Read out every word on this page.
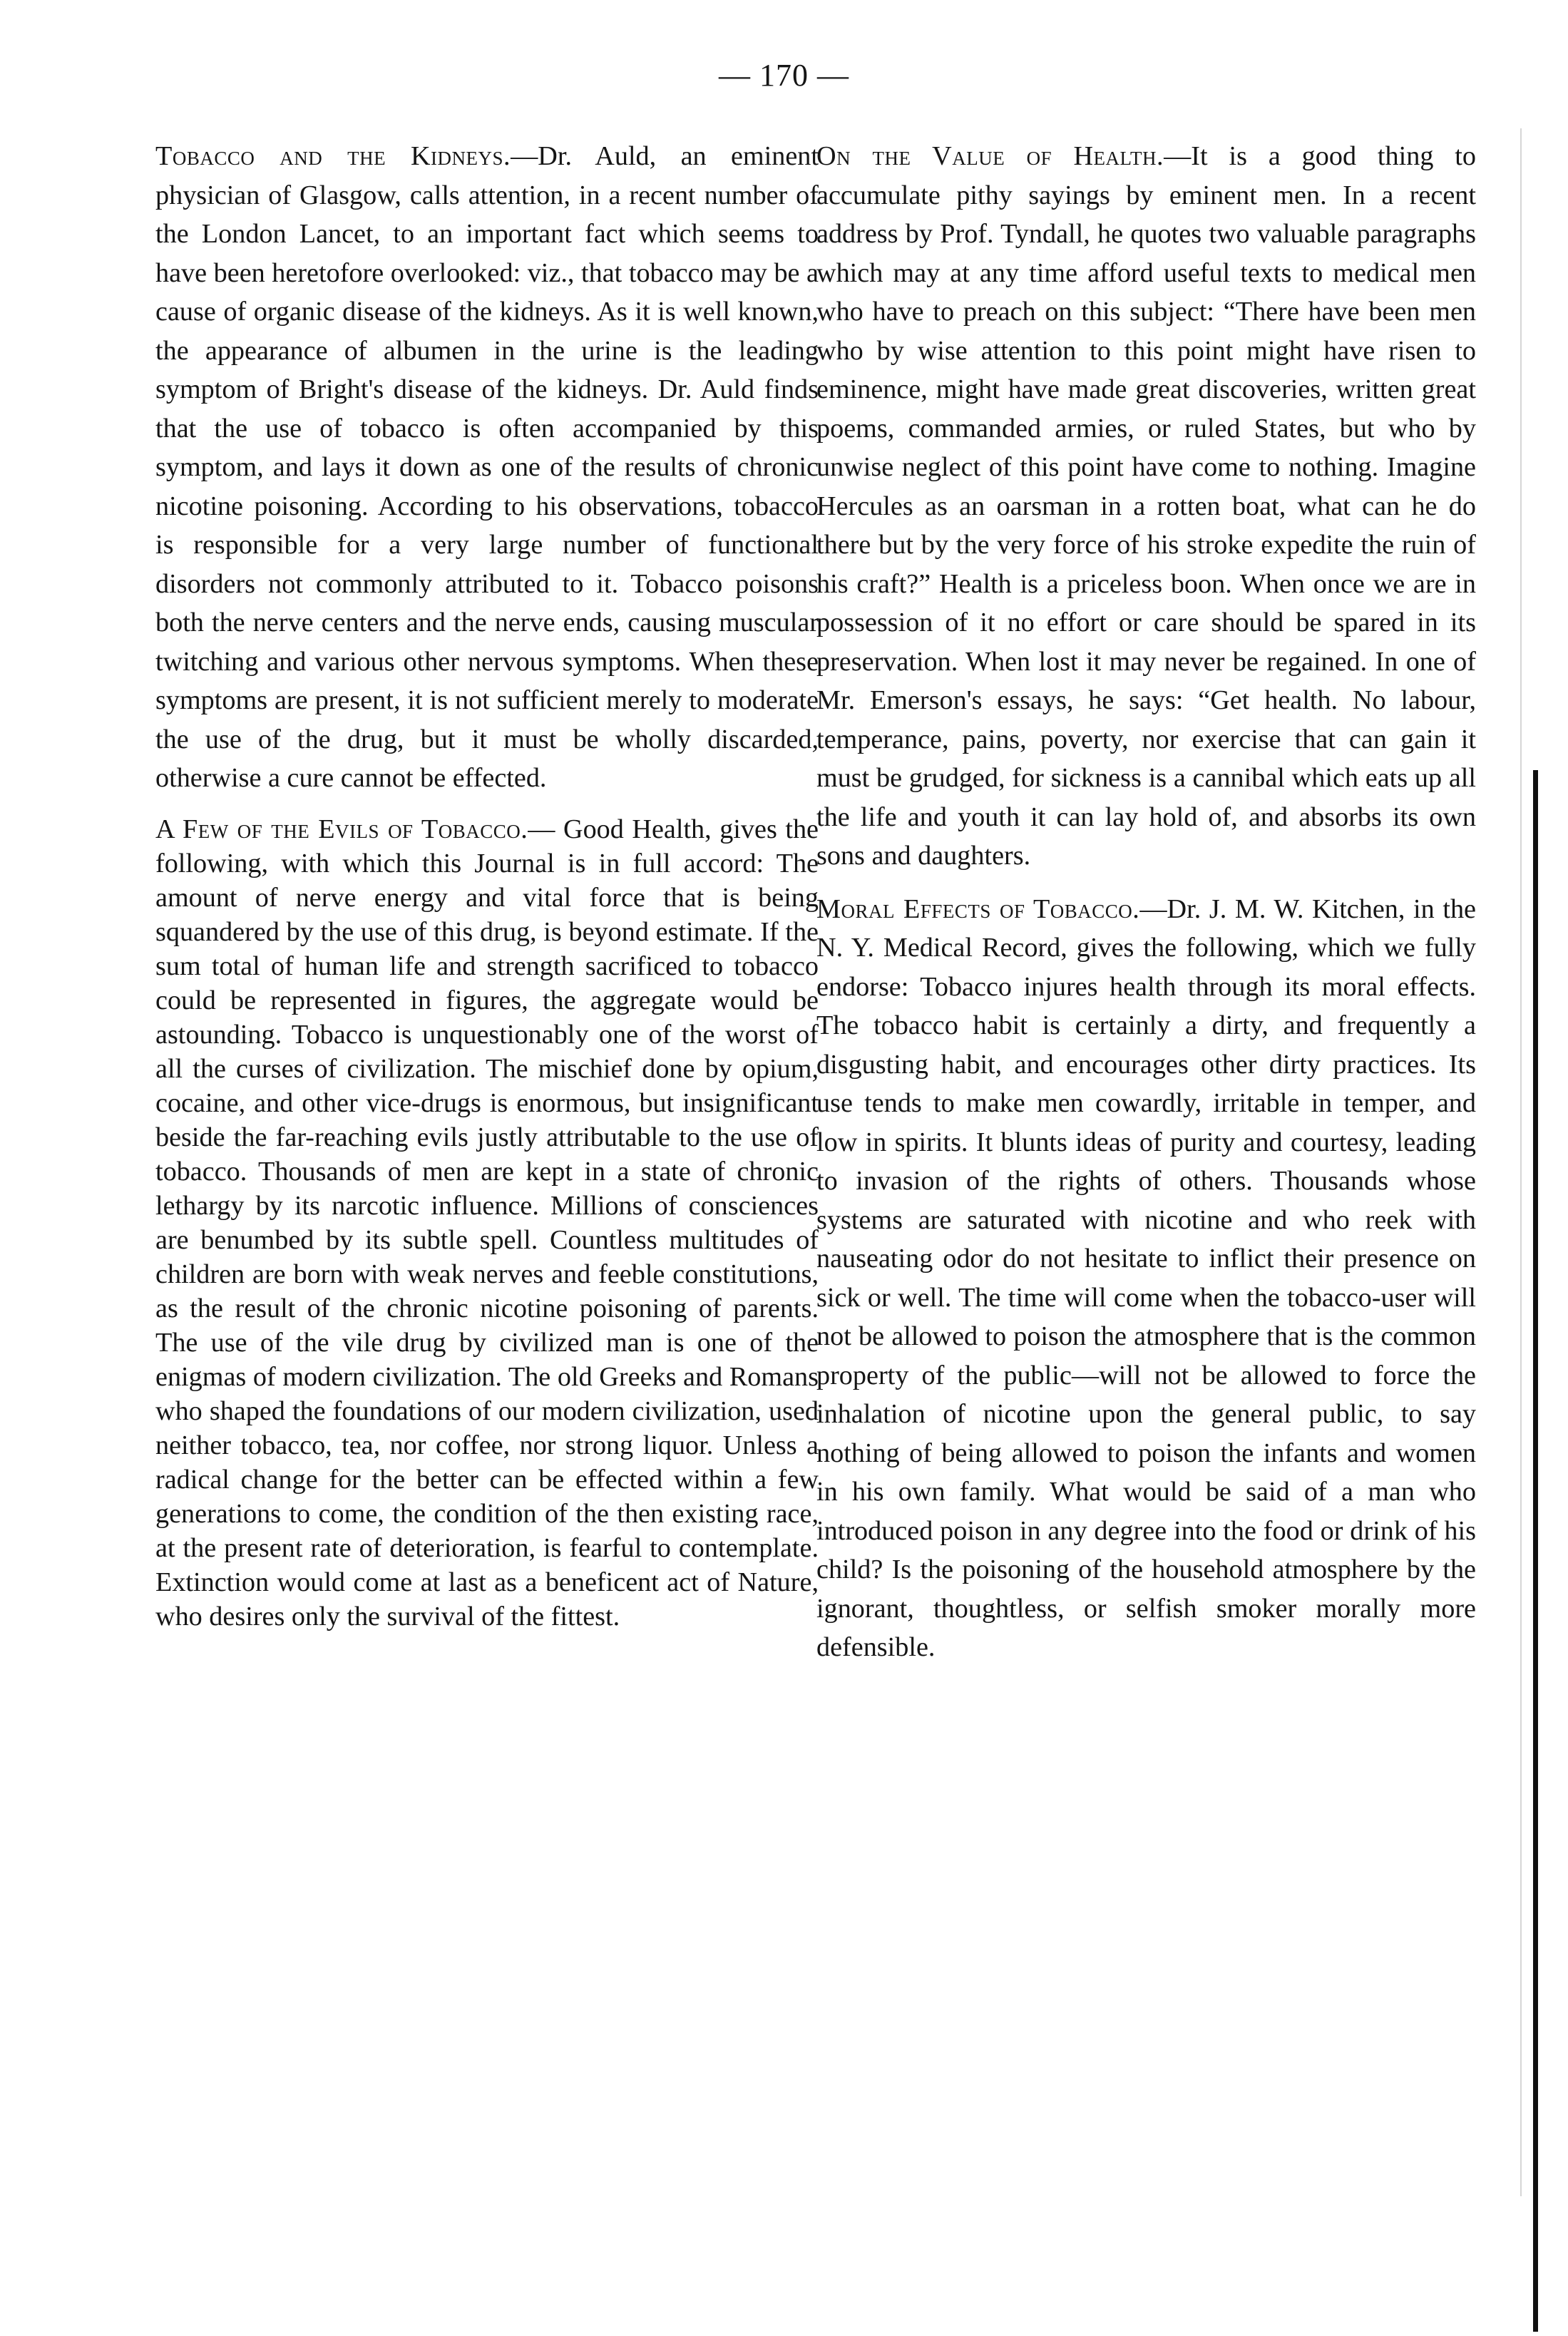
— 170 —

Tobacco and the Kidneys.—Dr. Auld, an eminent physician of Glasgow, calls attention, in a recent number of the London Lancet, to an important fact which seems to have been heretofore overlooked: viz., that tobacco may be a cause of organic disease of the kidneys. As it is well known, the appearance of albumen in the urine is the leading symptom of Bright's disease of the kidneys. Dr. Auld finds that the use of tobacco is often accompanied by this symptom, and lays it down as one of the results of chronic nicotine poisoning. According to his observations, tobacco is responsible for a very large number of functional disorders not commonly attributed to it. Tobacco poisons both the nerve centers and the nerve ends, causing muscular twitching and various other nervous symptoms. When these symptoms are present, it is not sufficient merely to moderate the use of the drug, but it must be wholly discarded, otherwise a cure cannot be effected.

A Few of the Evils of Tobacco.— Good Health, gives the following, with which this Journal is in full accord: The amount of nerve energy and vital force that is being squandered by the use of this drug, is beyond estimate. If the sum total of human life and strength sacrificed to tobacco could be represented in figures, the aggregate would be astounding. Tobacco is unquestionably one of the worst of all the curses of civilization. The mischief done by opium, cocaine, and other vice-drugs is enormous, but insignificant beside the far-reaching evils justly attributable to the use of tobacco. Thousands of men are kept in a state of chronic lethargy by its narcotic influence. Millions of consciences are benumbed by its subtle spell. Countless multitudes of children are born with weak nerves and feeble constitutions, as the result of the chronic nicotine poisoning of parents. The use of the vile drug by civilized man is one of the enigmas of modern civilization. The old Greeks and Romans who shaped the foundations of our modern civilization, used neither tobacco, tea, nor coffee, nor strong liquor. Unless a radical change for the better can be effected within a few generations to come, the condition of the then existing race, at the present rate of deterioration, is fearful to contemplate. Extinction would come at last as a beneficent act of Nature, who desires only the survival of the fittest.

On the Value of Health.—It is a good thing to accumulate pithy sayings by eminent men. In a recent address by Prof. Tyndall, he quotes two valuable paragraphs which may at any time afford useful texts to medical men who have to preach on this subject: “There have been men who by wise attention to this point might have risen to eminence, might have made great discoveries, written great poems, commanded armies, or ruled States, but who by unwise neglect of this point have come to nothing. Imagine Hercules as an oarsman in a rotten boat, what can he do there but by the very force of his stroke expedite the ruin of his craft?” Health is a priceless boon. When once we are in possession of it no effort or care should be spared in its preservation. When lost it may never be regained. In one of Mr. Emerson's essays, he says: “Get health. No labour, temperance, pains, poverty, nor exercise that can gain it must be grudged, for sickness is a cannibal which eats up all the life and youth it can lay hold of, and absorbs its own sons and daughters.

Moral Effects of Tobacco.—Dr. J. M. W. Kitchen, in the N. Y. Medical Record, gives the following, which we fully endorse: Tobacco injures health through its moral effects. The tobacco habit is certainly a dirty, and frequently a disgusting habit, and encourages other dirty practices. Its use tends to make men cowardly, irritable in temper, and low in spirits. It blunts ideas of purity and courtesy, leading to invasion of the rights of others. Thousands whose systems are saturated with nicotine and who reek with nauseating odor do not hesitate to inflict their presence on sick or well. The time will come when the tobacco-user will not be allowed to poison the atmosphere that is the common property of the public—will not be allowed to force the inhalation of nicotine upon the general public, to say nothing of being allowed to poison the infants and women in his own family. What would be said of a man who introduced poison in any degree into the food or drink of his child? Is the poisoning of the household atmosphere by the ignorant, thoughtless, or selfish smoker morally more defensible.
